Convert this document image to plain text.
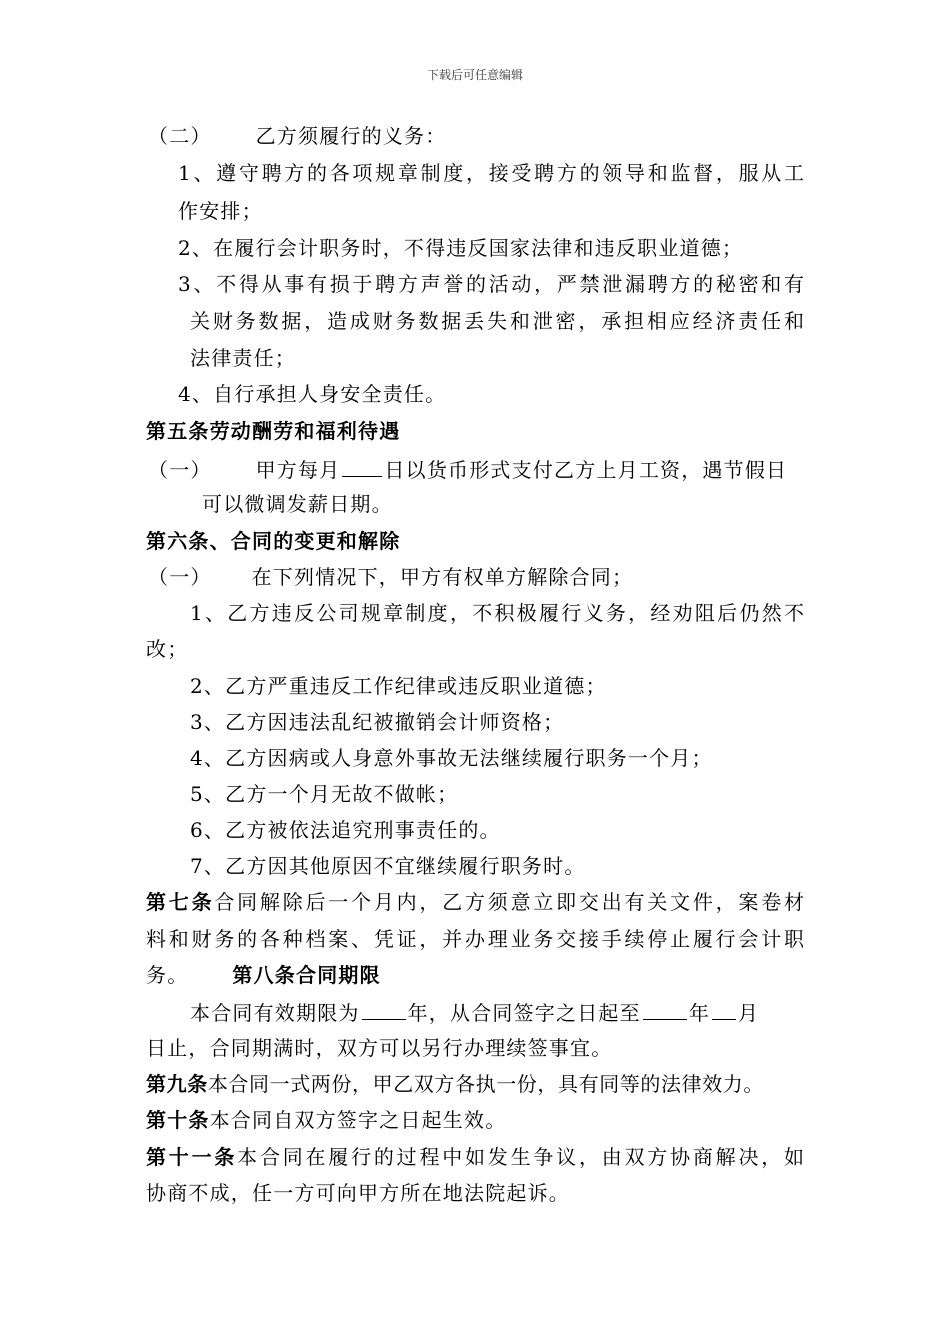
下载后可任意编辑
（二） 乙方须履行的义务：
1、遵守聘方的各项规章制度，接受聘方的领导和监督，服从工
作安排；
2、在履行会计职务时，不得违反国家法律和违反职业道德；
3、不得从事有损于聘方声誉的活动，严禁泄漏聘方的秘密和有
关财务数据，造成财务数据丢失和泄密，承担相应经济责任和
法律责任；
4、自行承担人身安全责任。
第五条劳动酬劳和福利待遇
（一） 甲方每月 日以货币形式支付乙方上月工资，遇节假日
可以微调发薪日期。
第六条、合同的变更和解除
（一） 在下列情况下，甲方有权单方解除合同；
1、乙方违反公司规章制度，不积极履行义务，经劝阻后仍然不
改；
2、乙方严重违反工作纪律或违反职业道德；
3、乙方因违法乱纪被撤销会计师资格；
4、乙方因病或人身意外事故无法继续履行职务一个月；
5、乙方一个月无故不做帐；
6、乙方被依法追究刑事责任的。
7、乙方因其他原因不宜继续履行职务时。
第七条合同解除后一个月内，乙方须意立即交出有关文件，案卷材
料和财务的各种档案、凭证，并办理业务交接手续停止履行会计职
务。 第八条合同期限
本合同有效期限为 年，从合同签字之日起至 年 月
日止，合同期满时，双方可以另行办理续签事宜。
第九条本合同一式两份，甲乙双方各执一份，具有同等的法律效力。
第十条本合同自双方签字之日起生效。
第十一条本合同在履行的过程中如发生争议，由双方协商解决，如
协商不成，任一方可向甲方所在地法院起诉。
